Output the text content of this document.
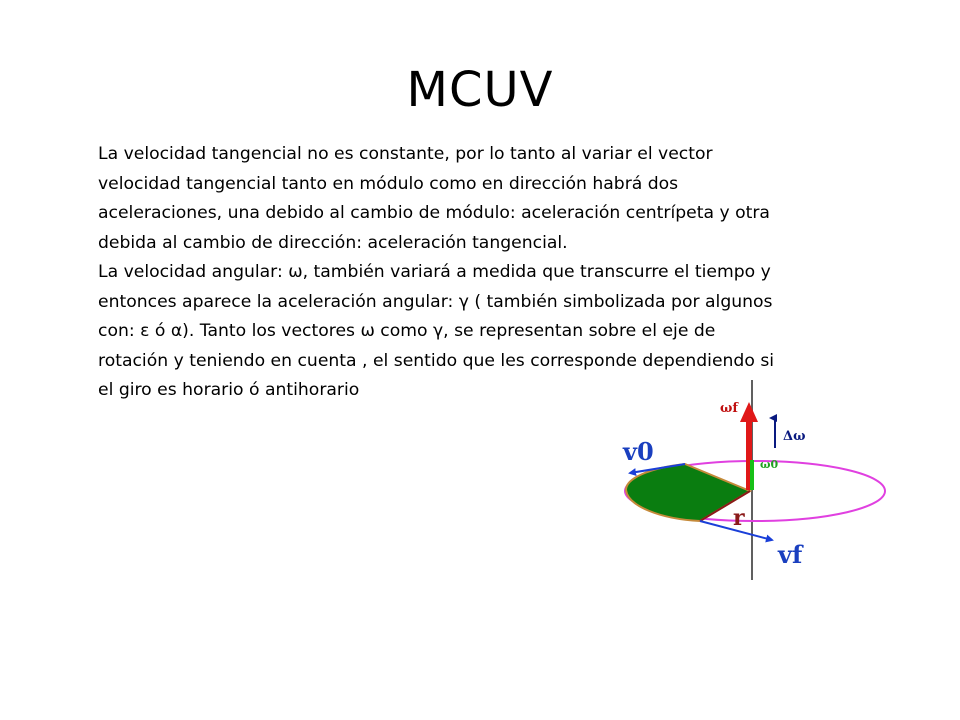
MCUV
La velocidad tangencial no es constante, por lo tanto al variar el vector
velocidad tangencial tanto en módulo como en dirección habrá dos
aceleraciones, una debido al cambio de módulo: aceleración centrípeta y otra
debida al cambio de dirección: aceleración tangencial.
La velocidad angular: ω, también variará a medida que transcurre el tiempo y
entonces aparece la aceleración angular: γ ( también simbolizada por algunos
con: ε ó α). Tanto los vectores ω como γ, se representan sobre el eje de
rotación y teniendo en cuenta , el sentido que les corresponde dependiendo si
el giro es horario ó antihorario
ωf
Δω
ω0
v0
vf
r
